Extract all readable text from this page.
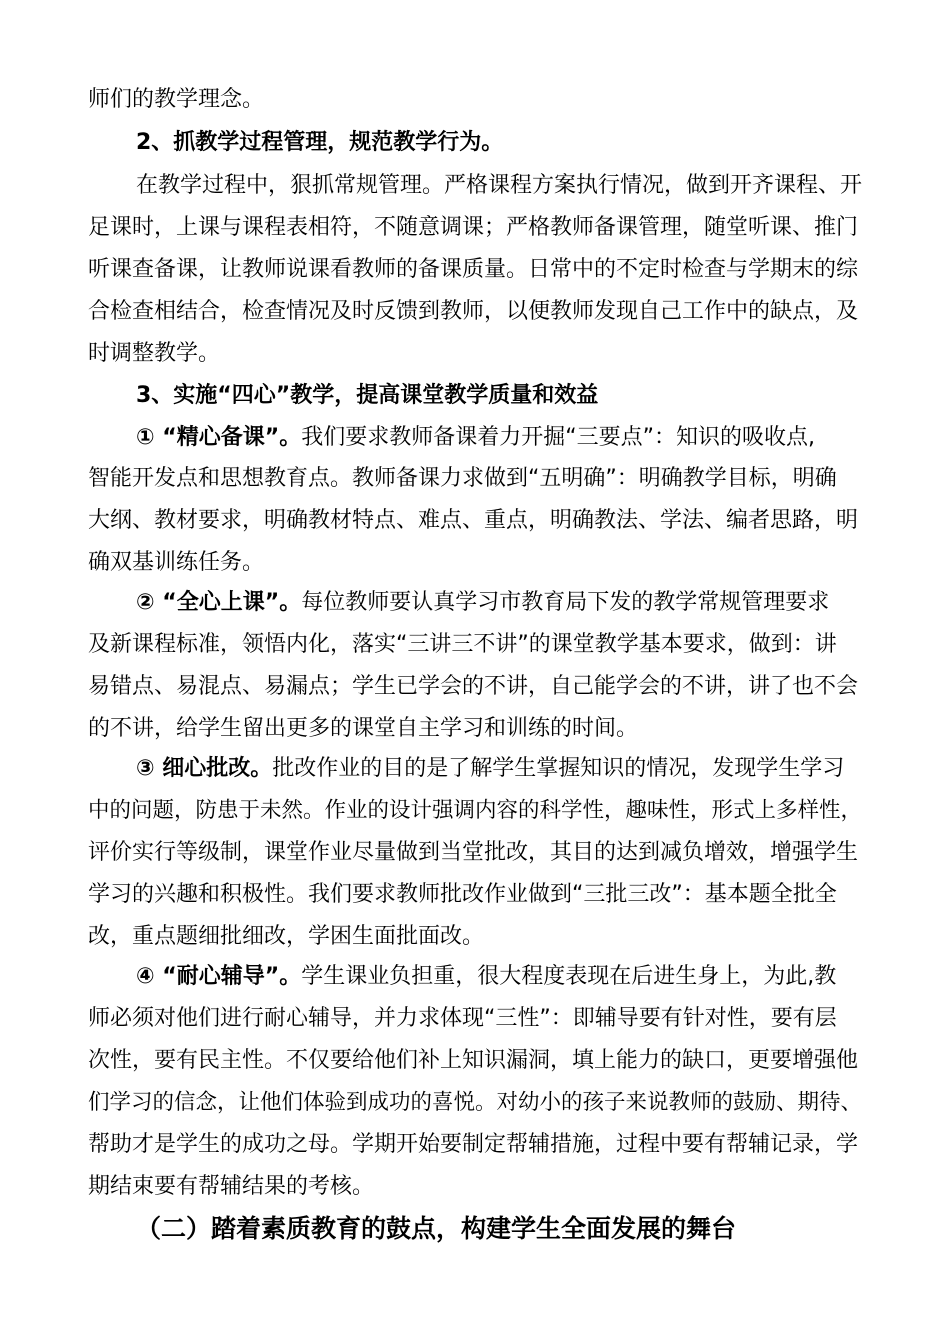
师们的教学理念。

2、抓教学过程管理，规范教学行为。

在教学过程中，狠抓常规管理。严格课程方案执行情况，做到开齐课程、开

足课时，上课与课程表相符，不随意调课；严格教师备课管理，随堂听课、推门

听课查备课，让教师说课看教师的备课质量。日常中的不定时检查与学期末的综

合检查相结合，检查情况及时反馈到教师，以便教师发现自己工作中的缺点，及

时调整教学。

3、实施“四心”教学，提高课堂教学质量和效益

① “精心备课”。我们要求教师备课着力开掘“三要点”：知识的吸收点,

智能开发点和思想教育点。教师备课力求做到“五明确”：明确教学目标，明确

大纲、教材要求，明确教材特点、难点、重点，明确教法、学法、编者思路，明

确双基训练任务。

② “全心上课”。每位教师要认真学习市教育局下发的教学常规管理要求

及新课程标准，领悟内化，落实“三讲三不讲”的课堂教学基本要求，做到：讲

易错点、易混点、易漏点；学生已学会的不讲，自己能学会的不讲，讲了也不会

的不讲，给学生留出更多的课堂自主学习和训练的时间。

③ 细心批改。批改作业的目的是了解学生掌握知识的情况，发现学生学习

中的问题，防患于未然。作业的设计强调内容的科学性，趣味性，形式上多样性，

评价实行等级制，课堂作业尽量做到当堂批改，其目的达到减负增效，增强学生

学习的兴趣和积极性。我们要求教师批改作业做到“三批三改”：基本题全批全

改，重点题细批细改，学困生面批面改。

④ “耐心辅导”。学生课业负担重，很大程度表现在后进生身上，为此,教

师必须对他们进行耐心辅导，并力求体现“三性”：即辅导要有针对性，要有层

次性，要有民主性。不仅要给他们补上知识漏洞，填上能力的缺口，更要增强他

们学习的信念，让他们体验到成功的喜悦。对幼小的孩子来说教师的鼓励、期待、

帮助才是学生的成功之母。学期开始要制定帮辅措施，过程中要有帮辅记录，学

期结束要有帮辅结果的考核。

（二）踏着素质教育的鼓点，构建学生全面发展的舞台
